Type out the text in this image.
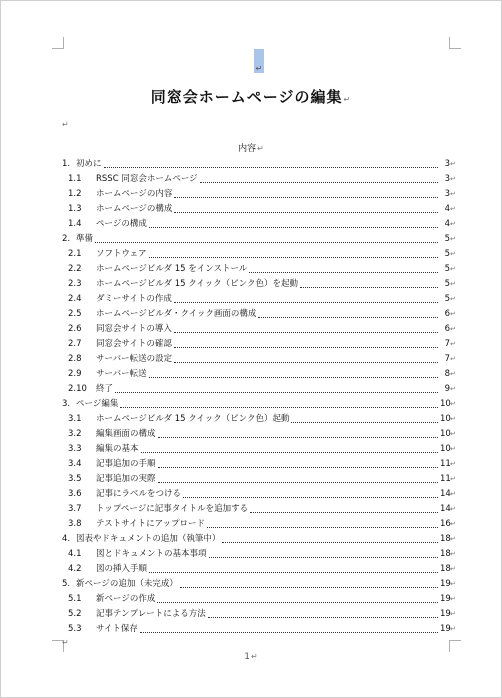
↵
同窓会ホームページの編集↵
↵
内容↵
1. 初めに	3 ↵
1.1	RSSC 同窓会ホームページ	3 ↵
1.2	ホームページの内容	3 ↵
1.3	ホームページの構成	4 ↵
1.4	ページの構成	4 ↵
2. 準備	5 ↵
2.1	ソフトウェア	5 ↵
2.2	ホームページビルダ 15 をインストール	5 ↵
2.3	ホームページビルダ 15 クイック（ピンク色）を起動	5 ↵
2.4	ダミーサイトの作成	5 ↵
2.5	ホームページビルダ・クイック画面の構成	6 ↵
2.6	同窓会サイトの導入	6 ↵
2.7	同窓会サイトの確認	7 ↵
2.8	サーバー転送の設定	7 ↵
2.9	サーバー転送	8 ↵
2.10	終了	9 ↵
3. ページ編集	10 ↵
3.1	ホームページビルダ 15 クイック（ピンク色）起動	10 ↵
3.2	編集画面の構成	10 ↵
3.3	編集の基本	10 ↵
3.4	記事追加の手順	11 ↵
3.5	記事追加の実際	11 ↵
3.6	記事にラベルをつける	14 ↵
3.7	トップページに記事タイトルを追加する	14 ↵
3.8	テストサイトにアップロード	16 ↵
4. 図表やドキュメントの追加（執筆中）	18 ↵
4.1	図とドキュメントの基本事項	18 ↵
4.2	図の挿入手順	18 ↵
5. 新ページの追加（未完成）	19 ↵
5.1	新ページの作成	19 ↵
5.2	記事テンプレートによる方法	19 ↵
5.3	サイト保存	19 ↵
↵
1↵
